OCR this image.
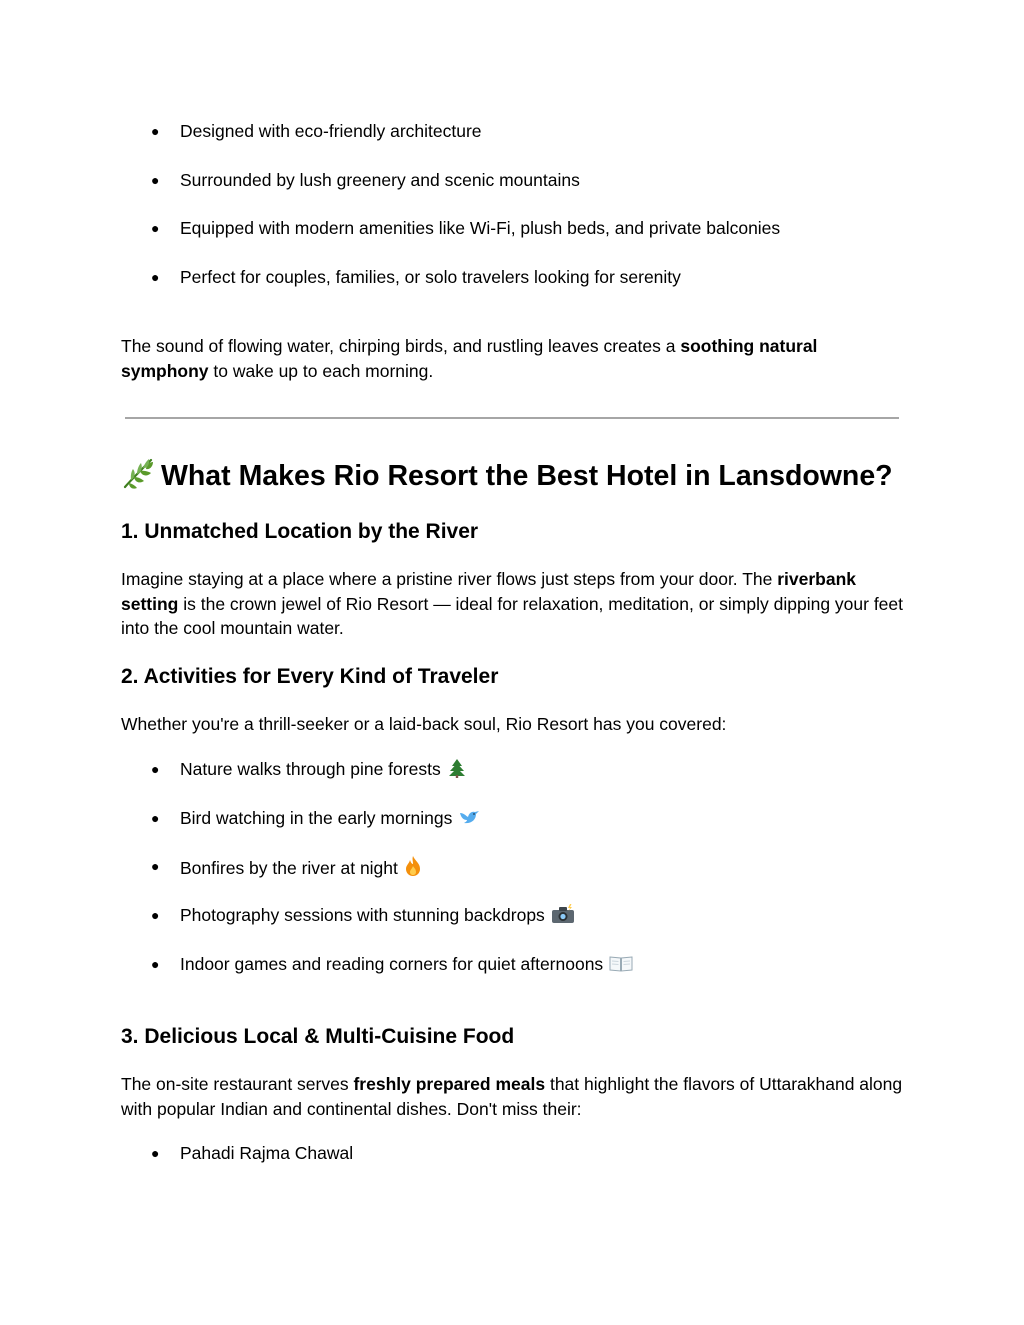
● Designed with eco-friendly architecture
● Surrounded by lush greenery and scenic mountains
● Equipped with modern amenities like Wi-Fi, plush beds, and private balconies
● Perfect for couples, families, or solo travelers looking for serenity

The sound of flowing water, chirping birds, and rustling leaves creates a soothing natural symphony to wake up to each morning.

What Makes Rio Resort the Best Hotel in Lansdowne?
1. Unmatched Location by the River

Imagine staying at a place where a pristine river flows just steps from your door. The riverbank setting is the crown jewel of Rio Resort — ideal for relaxation, meditation, or simply dipping your feet into the cool mountain water.

2. Activities for Every Kind of Traveler

Whether you're a thrill-seeker or a laid-back soul, Rio Resort has you covered:

● Nature walks through pine forests
● Bird watching in the early mornings
● Bonfires by the river at night
● Photography sessions with stunning backdrops
● Indoor games and reading corners for quiet afternoons
3. Delicious Local & Multi-Cuisine Food

The on-site restaurant serves freshly prepared meals that highlight the flavors of Uttarakhand along with popular Indian and continental dishes. Don't miss their:

● Pahadi Rajma Chawal
